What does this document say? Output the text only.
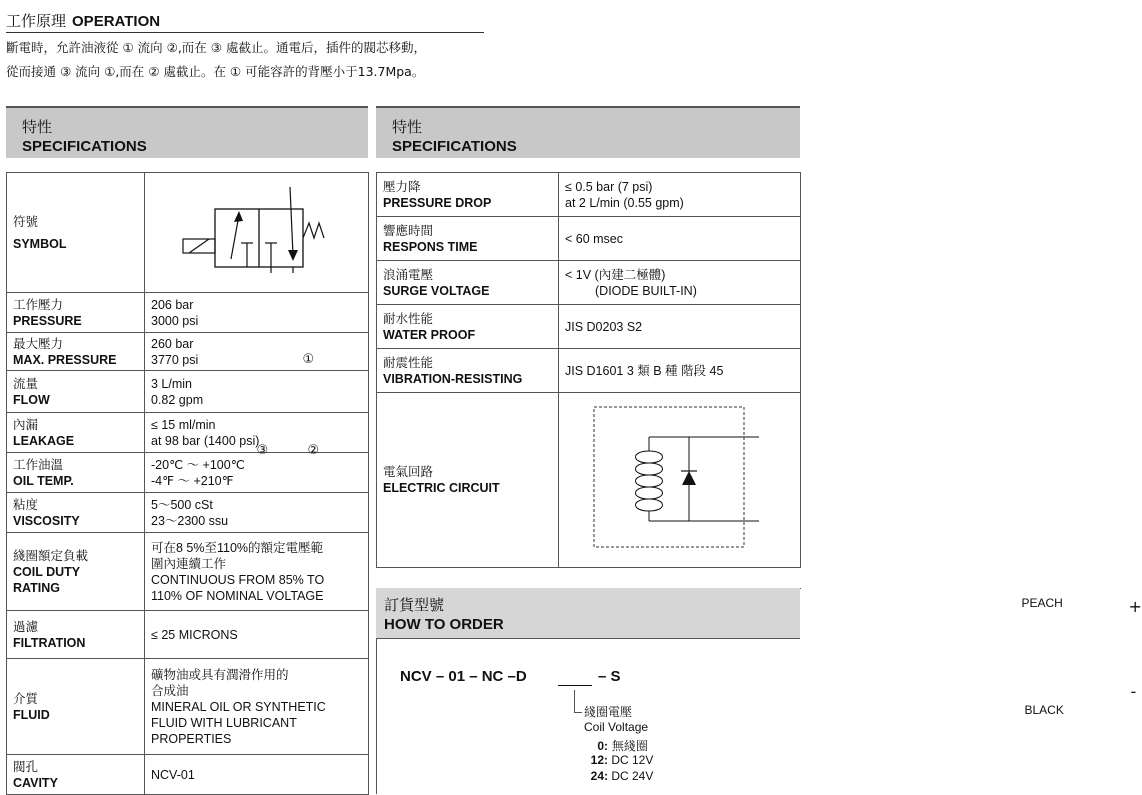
工作原理 OPERATION
斷電時，允許油液從 ① 流向 ②,而在 ③ 處截止。通電后，插件的閥芯移動，
從而接通 ③ 流向 ①,而在 ② 處截止。在 ① 可能容許的背壓小于13.7Mpa。
特性
SPECIFICATIONS
特性
SPECIFICATIONS
符號
SYMBOL	①
③ ②

工作壓力
PRESSURE	206 bar
3000 psi

最大壓力
MAX. PRESSURE	260 bar
3770 psi

流量
FLOW	3 L/min
0.82 gpm

內漏
LEAKAGE	≤ 15 ml/min
at 98 bar (1400 psi)

工作油溫
OIL TEMP.	-20℃ ～ +100℃
-4℉ ～ +210℉

粘度
VISCOSITY	5～500 cSt
23～2300 ssu

綫圈額定負載
COIL DUTY
RATING	可在8 5%至110%的額定電壓範
圍內連續工作
CONTINUOUS FROM 85% TO
110% OF NOMINAL VOLTAGE

過濾
FILTRATION	≤ 25 MICRONS

介質
FLUID	礦物油或具有潤滑作用的
合成油
MINERAL OIL OR SYNTHETIC
FLUID WITH LUBRICANT
PROPERTIES

閥孔
CAVITY	NCV-01
壓力降
PRESSURE DROP	≤ 0.5 bar (7 psi)
at 2 L/min (0.55 gpm)

響應時間
RESPONS TIME	< 60 msec

浪涌電壓
SURGE VOLTAGE	< 1V (內建二極體)
(DIODE BUILT-IN)

耐水性能
WATER PROOF	JIS D0203 S2

耐震性能
VIBRATION-RESISTING	JIS D1601 3 類 B 種 階段 45

電氣回路
ELECTRIC CIRCUIT	PEACH
BLACK
+
-
訂貨型號
HOW TO ORDER
NCV – 01 – NC –D	– S
綫圈電壓
Coil Voltage
0: 無綫圈
12: DC 12V
24: DC 24V
